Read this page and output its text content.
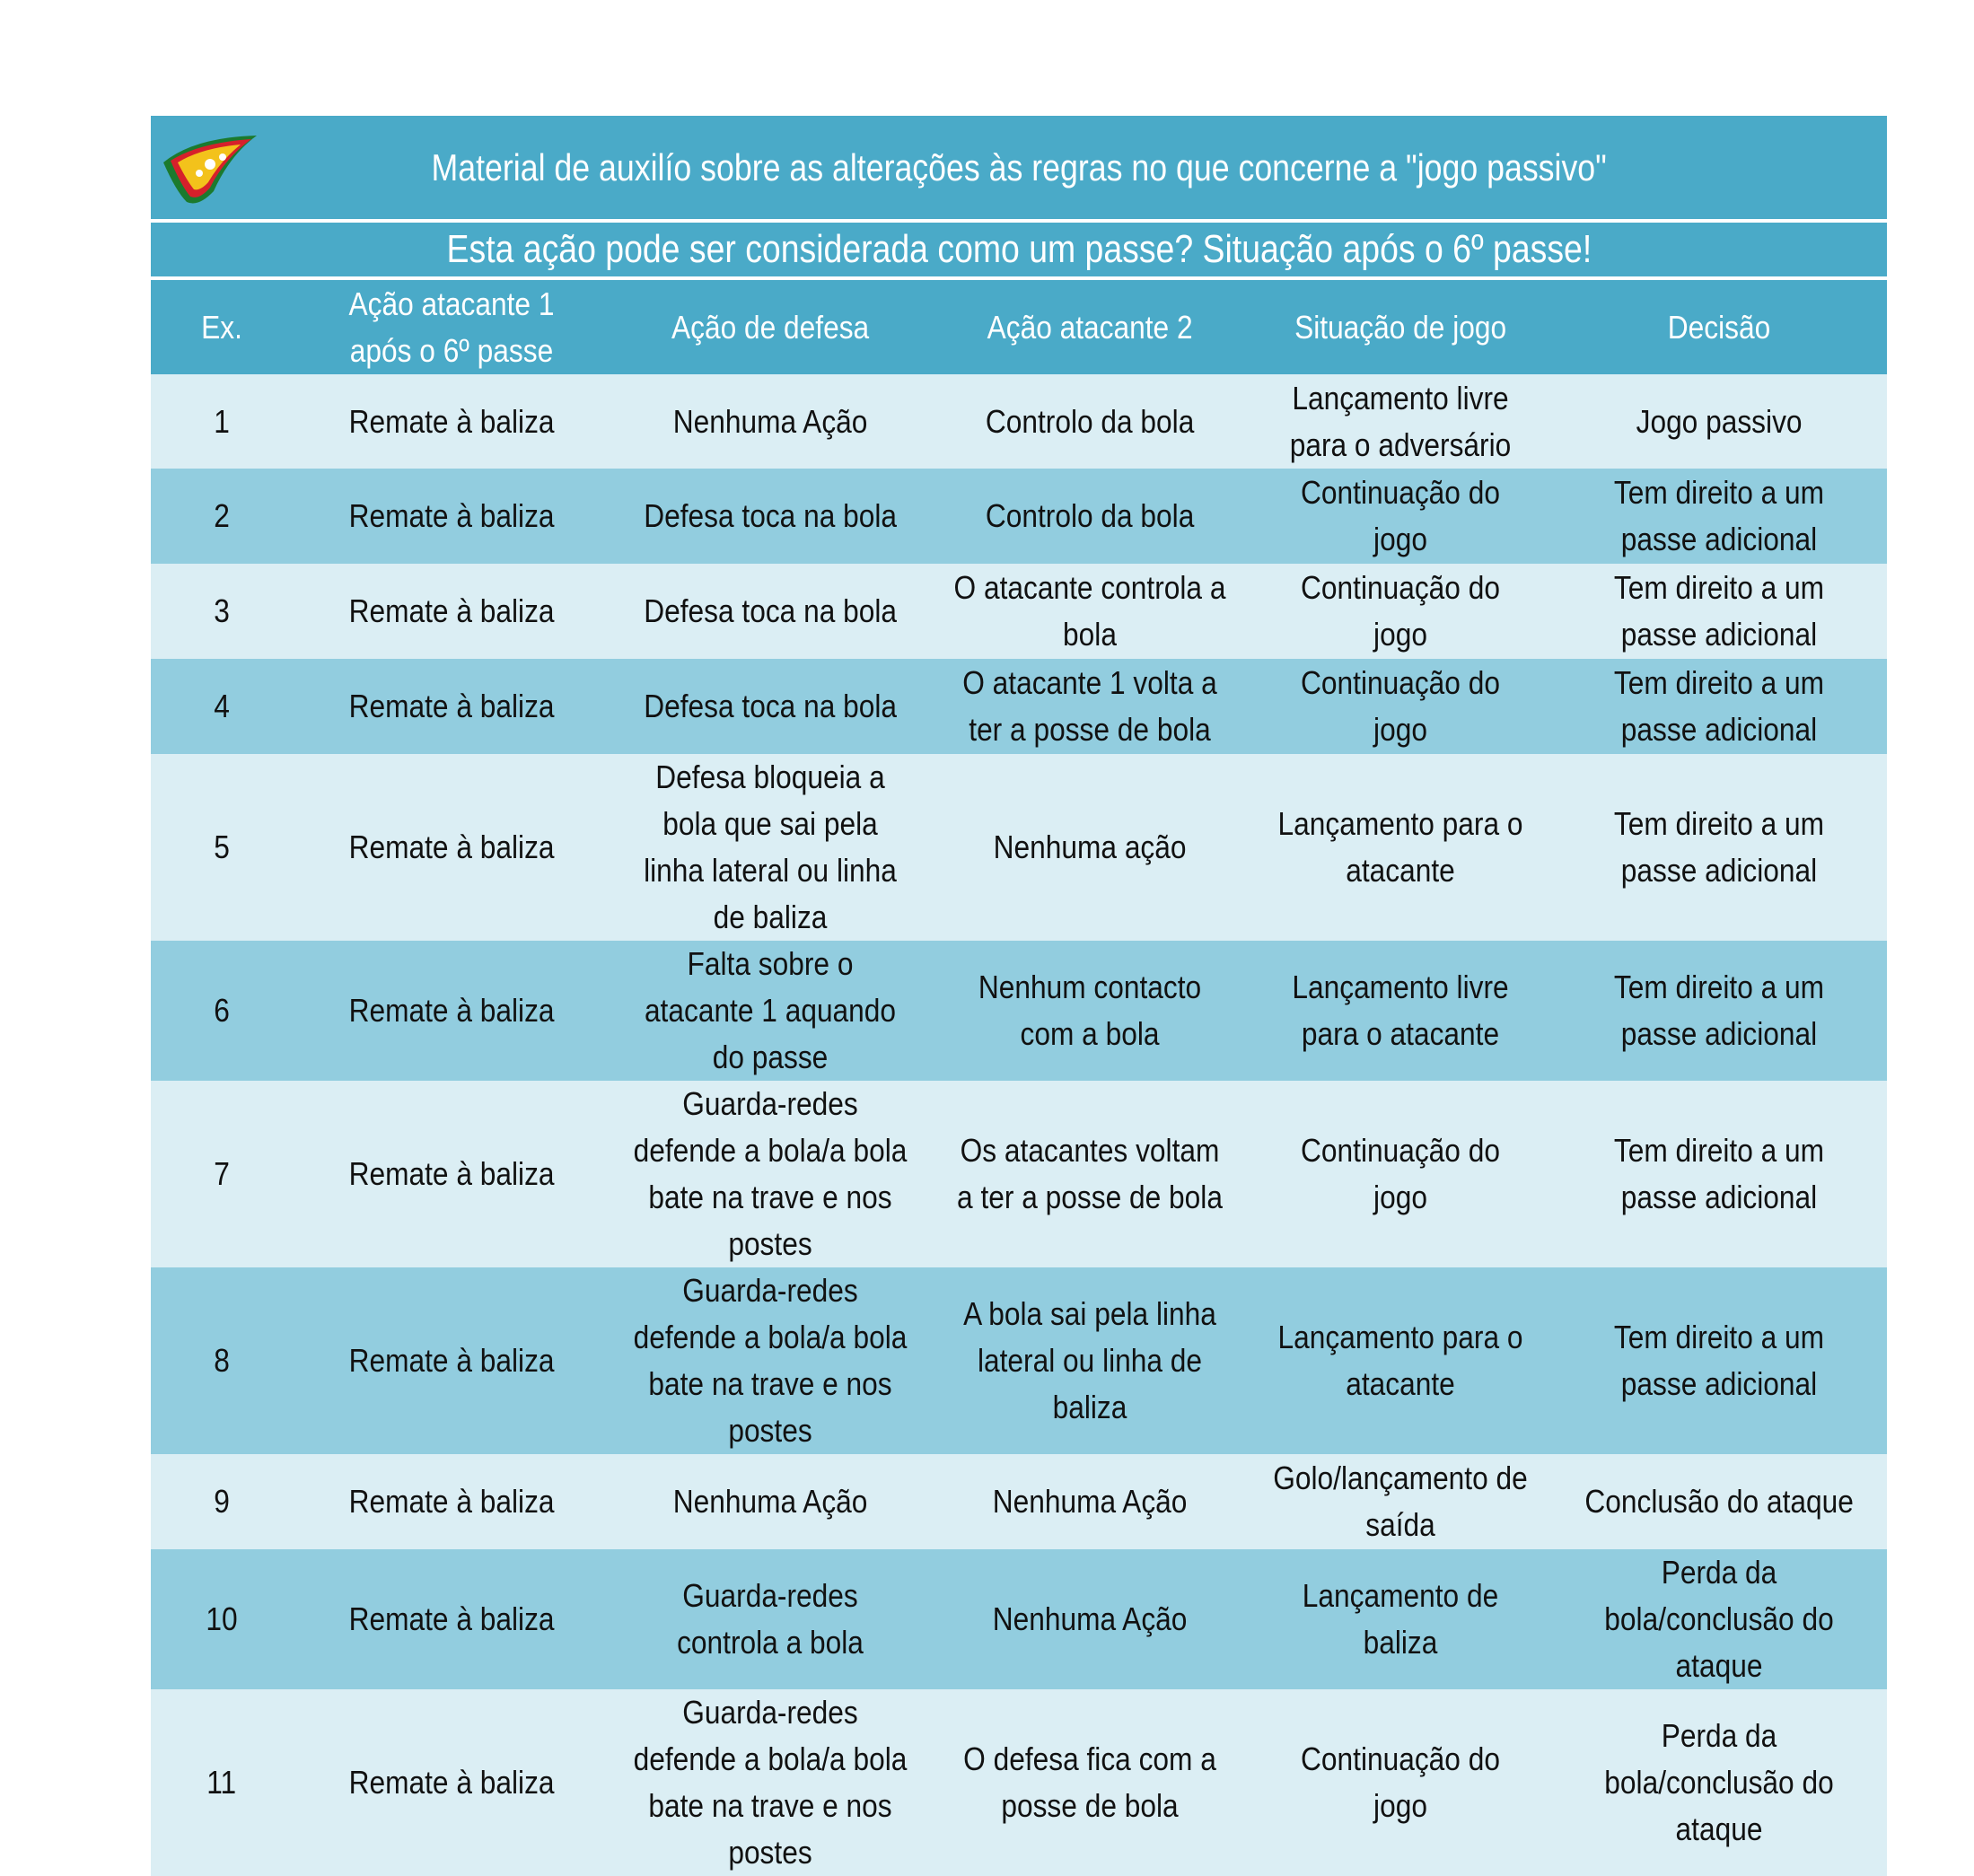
Material de auxilío sobre as alterações às regras no que concerne a "jogo passivo"
Esta ação pode ser considerada como um passe? Situação após o 6º passe!
Ex.	Ação atacante 1 após o 6º passe	Ação de defesa	Ação atacante 2	Situação de jogo	Decisão
1	Remate à baliza	Nenhuma Ação	Controlo da bola	Lançamento livre para o adversário	Jogo passivo
2	Remate à baliza	Defesa toca na bola	Controlo da bola	Continuação do jogo	Tem direito a um passe adicional
3	Remate à baliza	Defesa toca na bola	O atacante controla a bola	Continuação do jogo	Tem direito a um passe adicional
4	Remate à baliza	Defesa toca na bola	O atacante 1 volta a ter a posse de bola	Continuação do jogo	Tem direito a um passe adicional
5	Remate à baliza	Defesa bloqueia a bola que sai pela linha lateral ou linha de baliza	Nenhuma ação	Lançamento para o atacante	Tem direito a um passe adicional
6	Remate à baliza	Falta sobre o atacante 1 aquando do passe	Nenhum contacto com a bola	Lançamento livre para o atacante	Tem direito a um passe adicional
7	Remate à baliza	Guarda-redes defende a bola/a bola bate na trave e nos postes	Os atacantes voltam a ter a posse de bola	Continuação do jogo	Tem direito a um passe adicional
8	Remate à baliza	Guarda-redes defende a bola/a bola bate na trave e nos postes	A bola sai pela linha lateral ou linha de baliza	Lançamento para o atacante	Tem direito a um passe adicional
9	Remate à baliza	Nenhuma Ação	Nenhuma Ação	Golo/lançamento de saída	Conclusão do ataque
10	Remate à baliza	Guarda-redes controla a bola	Nenhuma Ação	Lançamento de baliza	Perda da bola/conclusão do ataque
11	Remate à baliza	Guarda-redes defende a bola/a bola bate na trave e nos postes	O defesa fica com a posse de bola	Continuação do jogo	Perda da bola/conclusão do ataque
